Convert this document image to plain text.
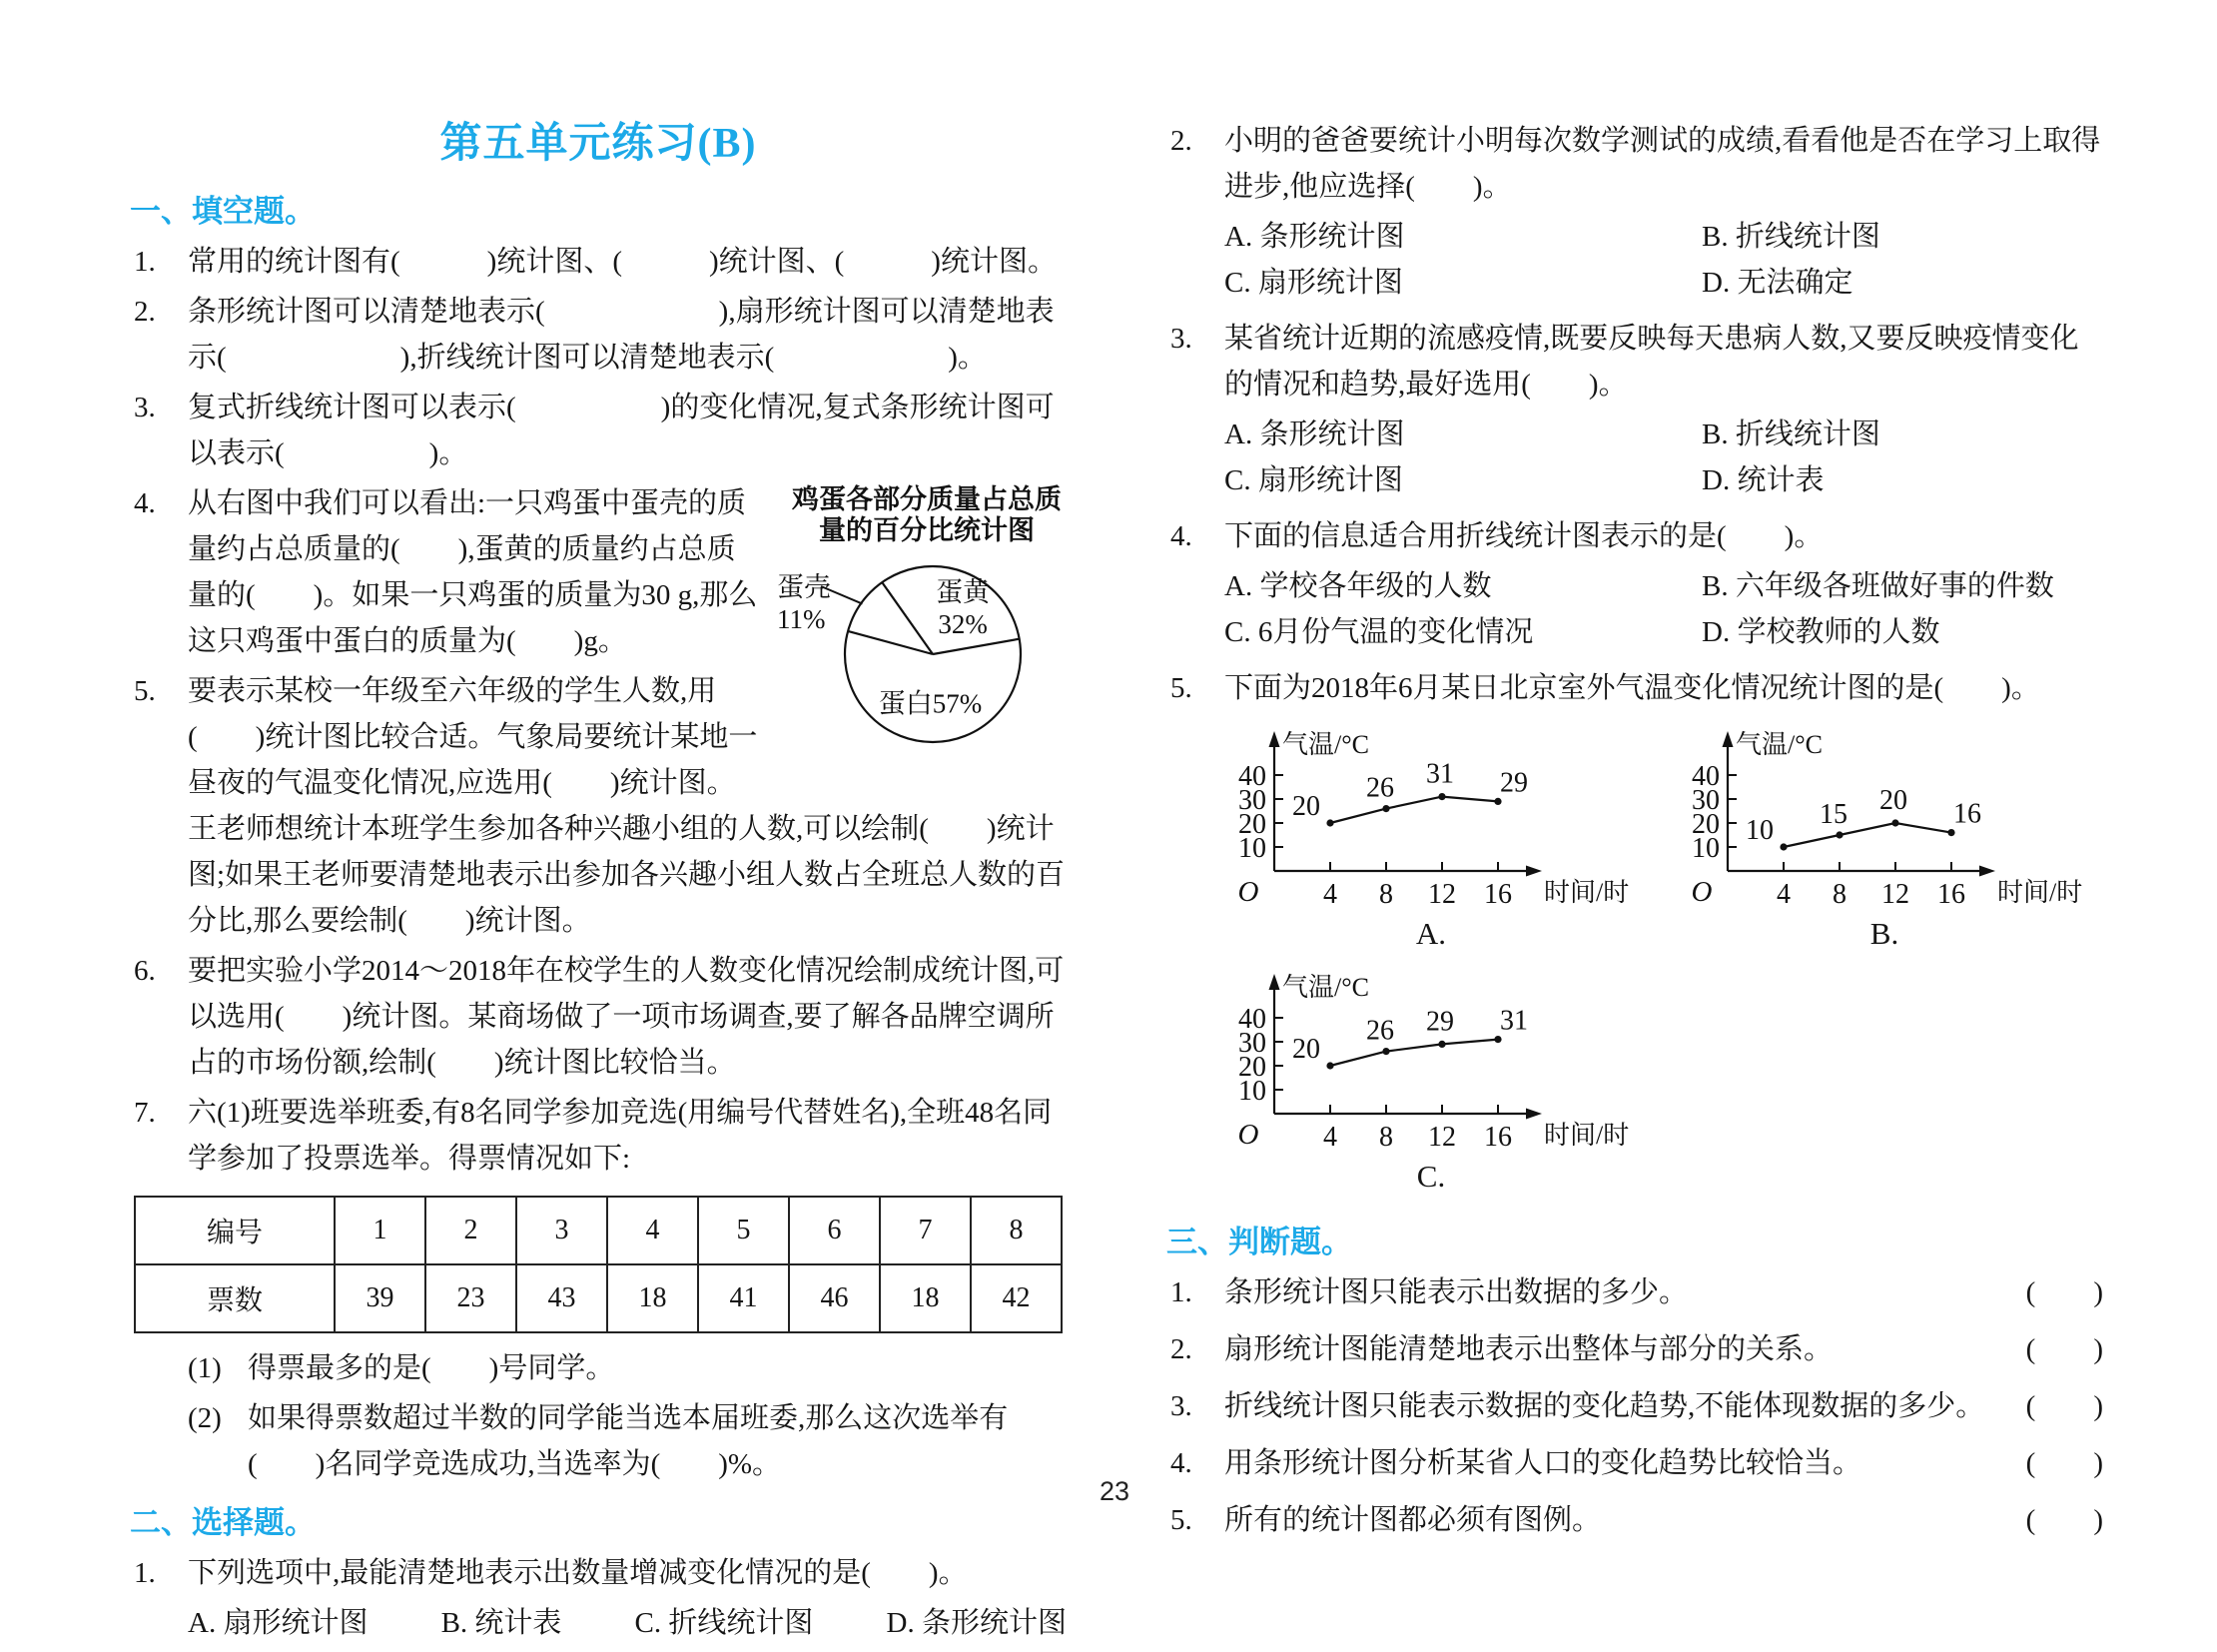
第五单元练习(B)
一、填空题。
1. 常用的统计图有(　　　)统计图、(　　　)统计图、(　　　)统计图。
2. 条形统计图可以清楚地表示(　　　　　　),扇形统计图可以清楚地表示(　　　　　　),折线统计图可以清楚地表示(　　　　　　)。
3. 复式折线统计图可以表示(　　　　　)的变化情况,复式条形统计图可以表示(　　　　　)。
鸡蛋各部分质量占总质
量的百分比统计图
蛋黄
32%
蛋壳
11%
蛋白57%
4. 从右图中我们可以看出:一只鸡蛋中蛋壳的质量约占总质量的(　　),蛋黄的质量约占总质量的(　　)。如果一只鸡蛋的质量为30 g,那么这只鸡蛋中蛋白的质量为(　　)g。
5. 要表示某校一年级至六年级的学生人数,用(　　)统计图比较合适。气象局要统计某地一昼夜的气温变化情况,应选用(　　)统计图。王老师想统计本班学生参加各种兴趣小组的人数,可以绘制(　　)统计图;如果王老师要清楚地表示出参加各兴趣小组人数占全班总人数的百分比,那么要绘制(　　)统计图。
6. 要把实验小学2014～2018年在校学生的人数变化情况绘制成统计图,可以选用(　　)统计图。某商场做了一项市场调查,要了解各品牌空调所占的市场份额,绘制(　　)统计图比较恰当。
7. 六(1)班要选举班委,有8名同学参加竞选(用编号代替姓名),全班48名同学参加了投票选举。得票情况如下:
编号	1	2	3	4	5	6	7	8
票数	39	23	43	18	41	46	18	42
(1) 得票最多的是(　　)号同学。
(2) 如果得票数超过半数的同学能当选本届班委,那么这次选举有(　　)名同学竞选成功,当选率为(　　)%。
二、选择题。
1. 下列选项中,最能清楚地表示出数量增减变化情况的是(　　)。
A. 扇形统计图	B. 统计表	C. 折线统计图	D. 条形统计图
2. 小明的爸爸要统计小明每次数学测试的成绩,看看他是否在学习上取得进步,他应选择(　　)。
A. 条形统计图	B. 折线统计图
C. 扇形统计图	D. 无法确定
3. 某省统计近期的流感疫情,既要反映每天患病人数,又要反映疫情变化的情况和趋势,最好选用(　　)。
A. 条形统计图	B. 折线统计图
C. 扇形统计图	D. 统计表
4. 下面的信息适合用折线统计图表示的是(　　)。
A. 学校各年级的人数	B. 六年级各班做好事的件数
C. 6月份气温的变化情况	D. 学校教师的人数
5. 下面为2018年6月某日北京室外气温变化情况统计图的是(　　)。
10
20
30
40
4 8 12 16
O
气温/°C
时间/时
20
26 31 29
A.
10
20
30
40
4 8 12 16
O
气温/°C
时间/时
10
15 20 16
B.
10
20
30
40
4 8 12 16
O
气温/°C
时间/时
20
26 29 31
C.
三、判断题。
1. 条形统计图只能表示出数据的多少。	(　　)
2. 扇形统计图能清楚地表示出整体与部分的关系。	(　　)
3. 折线统计图只能表示数据的变化趋势,不能体现数据的多少。 (　　)
4. 用条形统计图分析某省人口的变化趋势比较恰当。	(　　)
5. 所有的统计图都必须有图例。	(　　)
23
